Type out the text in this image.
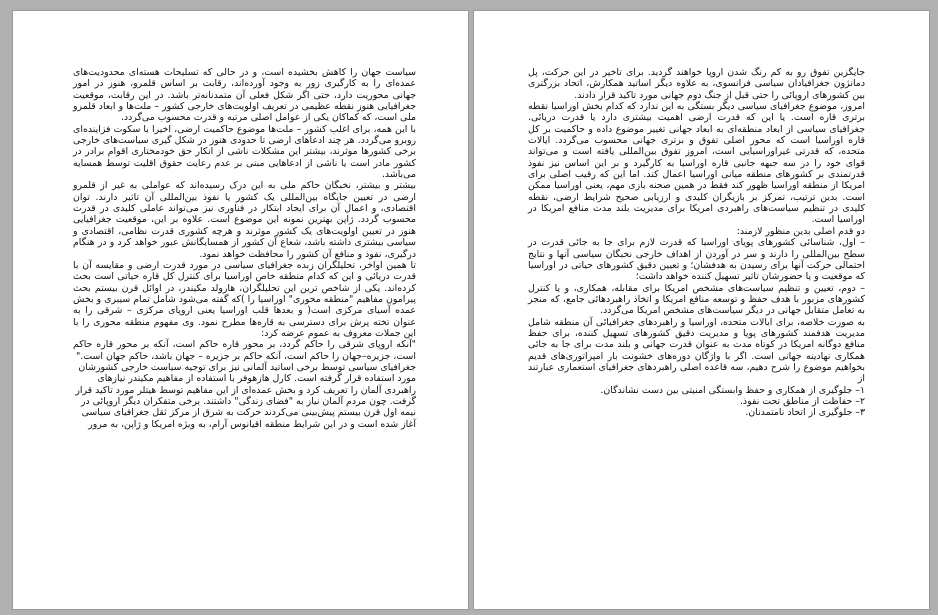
سیاست جهان را کاهش بخشیده است، و در حالی که تسلیحات هسته‌ای محدودیت‌های عمده‌ای را به کارگیری زور به وجود آورده‌اند، رقابت بر اساس قلمرو، هنوز در امور جهانی محوریت دارد، حتی اگر شکل فعلی آن متمدنانه‌تر باشد. در این رقابت، موقعیت جغرافیایی هنوز نقطه عظیمی در تعریف اولویت‌های خارجی کشور – ملت‌ها و ابعاد قلمرو ملی است، که کماکان یکی از عوامل اصلی مرتبه و قدرت محسوب می‌گردد.

با این همه، برای اغلب کشور – ملت‌ها موضوع حاکمیت ارضی، اخیرا با سکوت فزاینده‌ای روبرو می‌گردد. هر چند ادعاهای ارضی تا حدودی هنوز در شکل گیری سیاست‌های خارجی برخی کشورها موثرند، بیشتر این مشکلات ناشی از انکار حق خودمختاری اقوام برادر در کشور مادر است یا ناشی از ادعاهایی مبنی بر عدم رعایت حقوق اقلیت توسط همسایه می‌باشد.

بیشتر و بیشتر، نخبگان حاکم ملی به این درک رسیده‌اند که عواملی به غیر از قلمرو ارضی در تعیین جایگاه بین‌المللی یک کشور یا نفوذ بین‌المللی آن تاثیر دارند. توان اقتصادی، و اعمال آن برای ایجاد ابتکار در فناوری نیز می‌تواند عاملی کلیدی در قدرت محسوب گردد. ژاپن بهترین نمونه این موضوع است. علاوه بر این، موقعیت جغرافیایی هنوز در تعیین اولویت‌های یک کشور موثرند و هرچه کشوری قدرت نظامی، اقتصادی و سیاسی بیشتری داشته باشد، شعاع آن کشور از همسایگانش عبور خواهد کرد و در هنگام درگیری، نفوذ و منافع آن کشور را محافظت خواهد نمود.

تا همین اواخر، تحلیلگران زبده جغرافیای سیاسی در مورد قدرت ارضی و مقایسه آن با قدرت دریائی و این که کدام منطقه خاص اوراسیا برای کنترل کل قاره حیاتی است بحث کرده‌اند. یکی از شاخص ترین این تحلیلگران، هارولد مکیندر، در اوائل قرن بیستم بحث پیرامون مفاهیم "منطقه محوری" اوراسیا را )که گفته می‌شود شامل تمام سیبری و بخش عمده آسیای مرکزی است( و بعدها قلب اوراسیا یعنی اروپای مرکزی – شرقی را به عنوان تخته پرش برای دسترسی به قاره‌ها مطرح نمود. وی مفهوم منطقه محوری را با این جملات معروف به عموم عرضه کرد:

"آنکه اروپای شرقی را حاکم گردد، بر محور قاره حاکم است، آنکه بر محور قاره حاکم است، جزیره–جهان را حاکم است، آنکه حاکم بر جزیره – جهان باشد، حاکم جهان است."

جغرافیای سیاسی توسط برخی اساتید آلمانی نیز برای توجیه سیاست خارجی کشورشان مورد استفاده قرار گرفته است. کارل هازهوفر با استفاده از مفاهیم مکیندر نیازهای راهبردی آلمان را تعریف کرد و بخش عمده‌ای از این مفاهیم توسط هیتلر مورد تاکید قرار گرفت. چون مردم آلمان نیاز به "فضای زندگی" داشتند. برخی متفکران دیگر اروپائی در نیمه اول قرن بیستم پیش‌بینی می‌کردند حرکت به شرق از مرکز ثقل جغرافیای سیاسی آغاز شده است و در این شرایط منطقه اقیانوس آرام، به ویژه امریکا و ژاپن، به مرور

جایگزین تفوق رو به کم رنگ شدن اروپا خواهند گردید. برای تاخیر در این حرکت، پل دمانژون جغرافیادان سیاسی فرانسوی، به علاوه دیگر اساتید همکارش، اتحاد بزرگتری بین کشورهای اروپائی را حتی قبل از جنگ دوم جهانی مورد تاکید قرار دادند.

امروز، موضوع جغرافیای سیاسی دیگر بستگی به این ندارد که کدام بخش اوراسیا نقطه برتری قاره است. یا این که قدرت ارضی اهمیت بیشتری دارد یا قدرت دریائی. جغرافیای سیاسی از ابعاد منطقه‌ای به ابعاد جهانی تغییر موضوع داده و حاکمیت بر کل قاره اوراسیا است که محور اصلی تفوق و برتری جهانی محسوب می‌گردد. ایالات متحده، که قدرتی غیراوراسیایی است، امروز تفوق بین‌المللی یافته است و می‌تواند قوای خود را در سه جبهه جانبی قاره اوراسیا به کارگیرد و بر این اساس نیز نفوذ قدرتمندی بر کشورهای منطقه میانی اوراسیا اعمال کند. اما این که رقیب اصلی برای امریکا از منطقه اوراسیا ظهور کند فقط در همین صحنه بازی مهم، یعنی اوراسیا ممکن است. بدین ترتیب، تمرکز بر بازیگران کلیدی و ارزیابی صحیح شرایط ارضی، نقطه کلیدی در تنظیم سیاست‌های راهبردی امریکا برای مدیریت بلند مدت منافع امریکا در اوراسیا است.

دو قدم اصلی بدین منظور لازمند:

– اول، شناسائی کشورهای پویای اوراسیا که قدرت لازم برای جا به جائی قدرت در سطح بین‌المللی را دارند و سر در آوردن از اهداف خارجی نخبگان سیاسی آنها و نتایج احتمالی حرکت آنها برای رسیدن به هدفشان؛ و تعیین دقیق کشورهای حیاتی در اوراسیا که موقعیت و یا حضورشان تاثیر تسهیل کننده خواهد داشت؛

– دوم، تعیین و تنظیم سیاست‌های مشخص امریکا برای مقابله، همکاری، و یا کنترل کشورهای مزبور با هدف حفظ و توسعه منافع امریکا و اتخاذ راهبردهائی جامع، که منجر به تعامل متقابل جهانی در دیگر سیاست‌های مشخص امریکا می‌گردد.

به صورت خلاصه، برای ایالات متحده، اوراسیا و راهبردهای جغرافیائی آن منطقه شامل مدیریت هدفمند کشورهای پویا و مدیریت دقیق کشورهای تسهیل کننده، برای حفظ منافع دوگانه امریکا در کوتاه مدت به عنوان قدرت جهانی و بلند مدت برای جا به جائی همکاری نهادینه جهانی است. اگر با واژگان دوره‌های خشونت بار امپراتوری‌های قدیم بخواهیم موضوع را شرح دهیم، سه قاعده اصلی راهبردهای جغرافیای استعماری عبارتند از

۱– جلوگیری از همکاری و حفظ وابستگی امنیتی بین دست نشاندگان.

۲– حفاظت از مناطق تحت نفوذ.

۳– جلوگیری از اتحاد نامتمدنان.
